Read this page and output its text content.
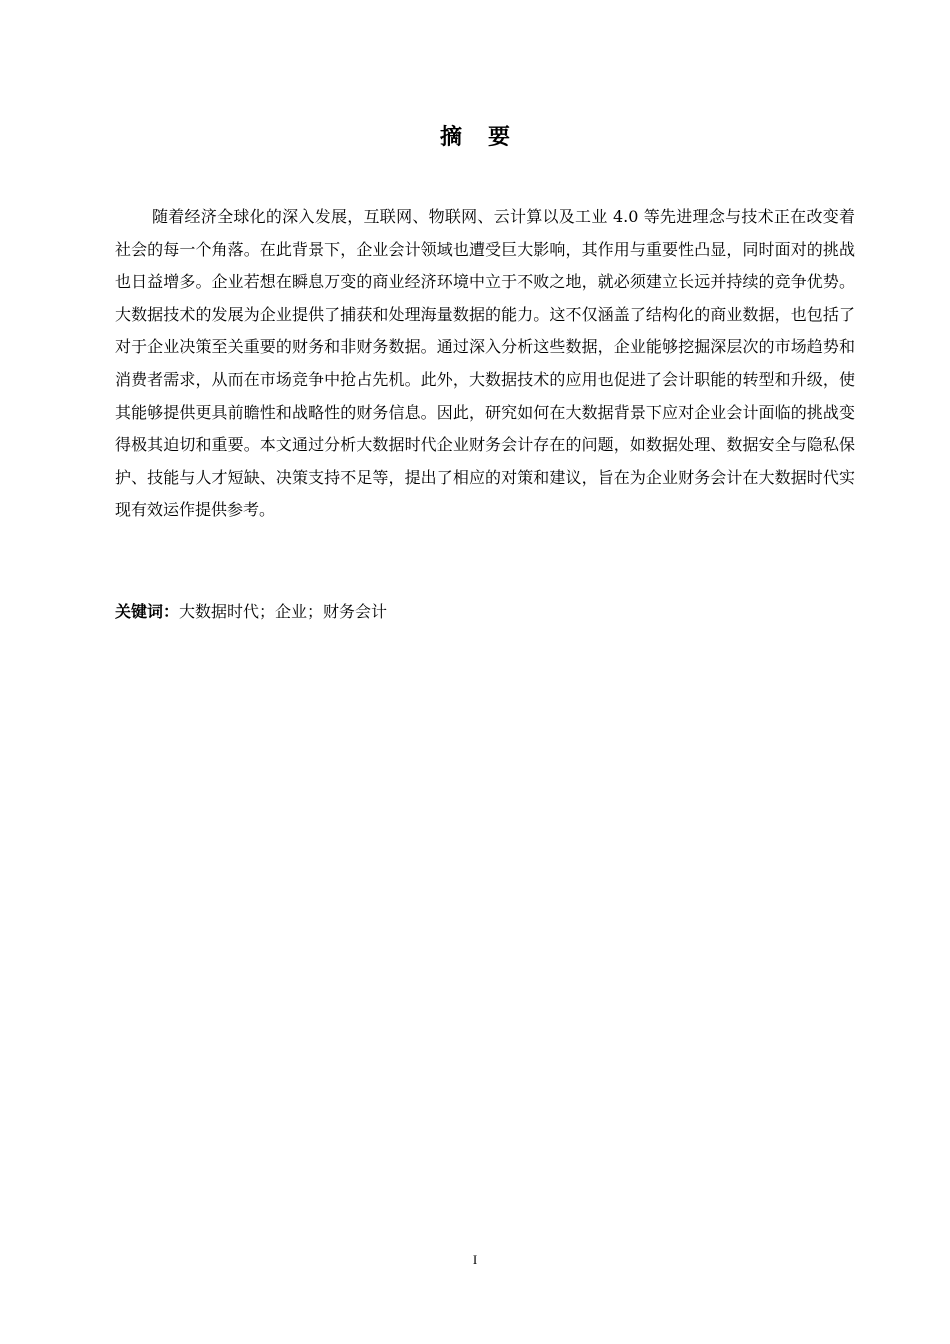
摘 要

随着经济全球化的深入发展，互联网、物联网、云计算以及工业 4.0 等先进理念与技术正在改变着社会的每一个角落。在此背景下，企业会计领域也遭受巨大影响，其作用与重要性凸显，同时面对的挑战也日益增多。企业若想在瞬息万变的商业经济环境中立于不败之地，就必须建立长远并持续的竞争优势。大数据技术的发展为企业提供了捕获和处理海量数据的能力。这不仅涵盖了结构化的商业数据，也包括了对于企业决策至关重要的财务和非财务数据。通过深入分析这些数据，企业能够挖掘深层次的市场趋势和消费者需求，从而在市场竞争中抢占先机。此外，大数据技术的应用也促进了会计职能的转型和升级，使其能够提供更具前瞻性和战略性的财务信息。因此，研究如何在大数据背景下应对企业会计面临的挑战变得极其迫切和重要。本文通过分析大数据时代企业财务会计存在的问题，如数据处理、数据安全与隐私保护、技能与人才短缺、决策支持不足等，提出了相应的对策和建议，旨在为企业财务会计在大数据时代实现有效运作提供参考。

关键词：大数据时代；企业；财务会计
I
